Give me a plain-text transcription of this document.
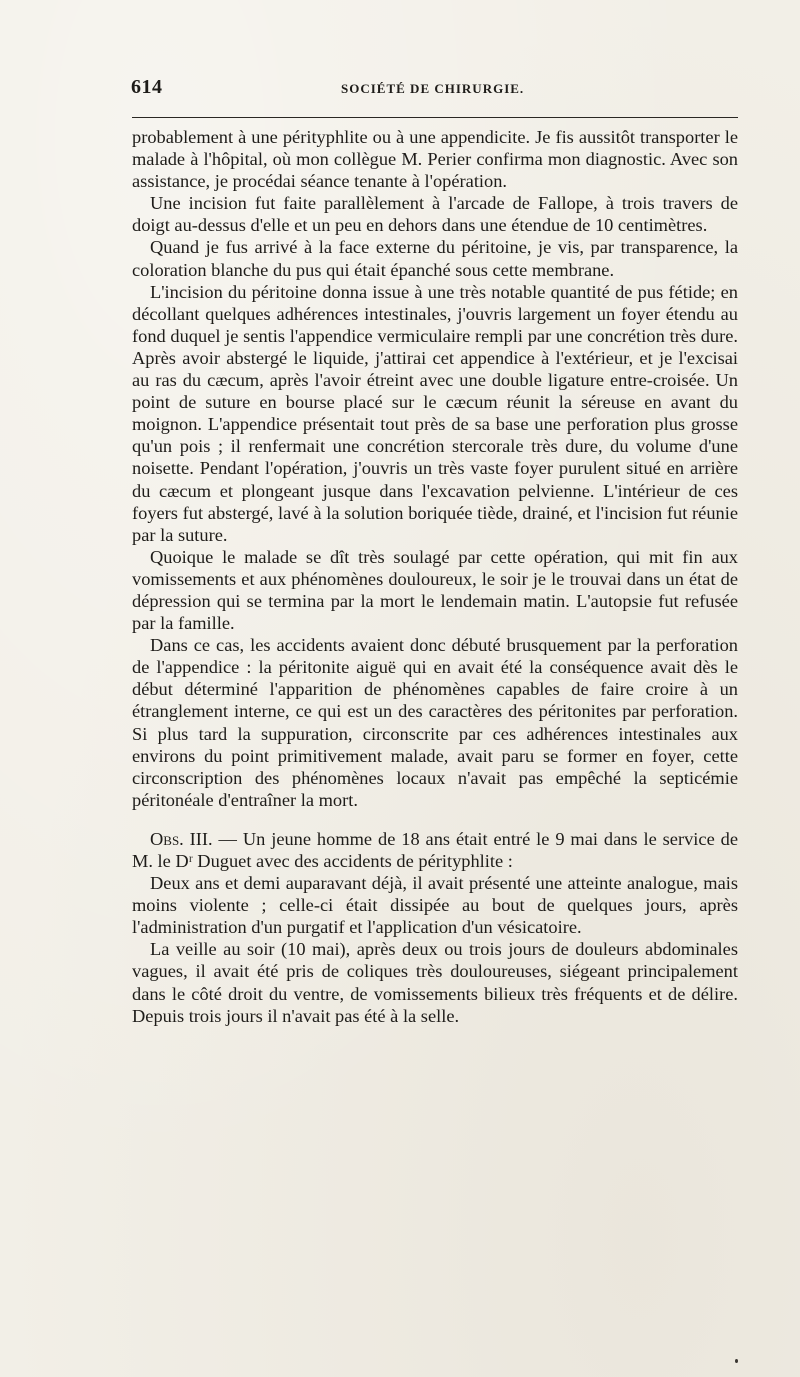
614	SOCIÉTÉ DE CHIRURGIE.

probablement à une pérityphlite ou à une appendicite. Je fis aussitôt transporter le malade à l'hôpital, où mon collègue M. Perier confirma mon diagnostic. Avec son assistance, je procédai séance tenante à l'opération.

Une incision fut faite parallèlement à l'arcade de Fallope, à trois travers de doigt au-dessus d'elle et un peu en dehors dans une étendue de 10 centimètres.

Quand je fus arrivé à la face externe du péritoine, je vis, par transparence, la coloration blanche du pus qui était épanché sous cette membrane.

L'incision du péritoine donna issue à une très notable quantité de pus fétide; en décollant quelques adhérences intestinales, j'ouvris largement un foyer étendu au fond duquel je sentis l'appendice vermiculaire rempli par une concrétion très dure. Après avoir abstergé le liquide, j'attirai cet appendice à l'extérieur, et je l'excisai au ras du cæcum, après l'avoir étreint avec une double ligature entre-croisée. Un point de suture en bourse placé sur le cæcum réunit la séreuse en avant du moignon. L'appendice présentait tout près de sa base une perforation plus grosse qu'un pois ; il renfermait une concrétion stercorale très dure, du volume d'une noisette. Pendant l'opération, j'ouvris un très vaste foyer purulent situé en arrière du cæcum et plongeant jusque dans l'excavation pelvienne. L'intérieur de ces foyers fut abstergé, lavé à la solution boriquée tiède, drainé, et l'incision fut réunie par la suture.

Quoique le malade se dît très soulagé par cette opération, qui mit fin aux vomissements et aux phénomènes douloureux, le soir je le trouvai dans un état de dépression qui se termina par la mort le lendemain matin. L'autopsie fut refusée par la famille.

Dans ce cas, les accidents avaient donc débuté brusquement par la perforation de l'appendice : la péritonite aiguë qui en avait été la conséquence avait dès le début déterminé l'apparition de phénomènes capables de faire croire à un étranglement interne, ce qui est un des caractères des péritonites par perforation. Si plus tard la suppuration, circonscrite par ces adhérences intestinales aux environs du point primitivement malade, avait paru se former en foyer, cette circonscription des phénomènes locaux n'avait pas empêché la septicémie péritonéale d'entraîner la mort.

Obs. III. — Un jeune homme de 18 ans était entré le 9 mai dans le service de M. le Dʳ Duguet avec des accidents de pérityphlite :

Deux ans et demi auparavant déjà, il avait présenté une atteinte analogue, mais moins violente ; celle-ci était dissipée au bout de quelques jours, après l'administration d'un purgatif et l'application d'un vésicatoire.

La veille au soir (10 mai), après deux ou trois jours de douleurs abdominales vagues, il avait été pris de coliques très douloureuses, siégeant principalement dans le côté droit du ventre, de vomissements bilieux très fréquents et de délire. Depuis trois jours il n'avait pas été à la selle.
